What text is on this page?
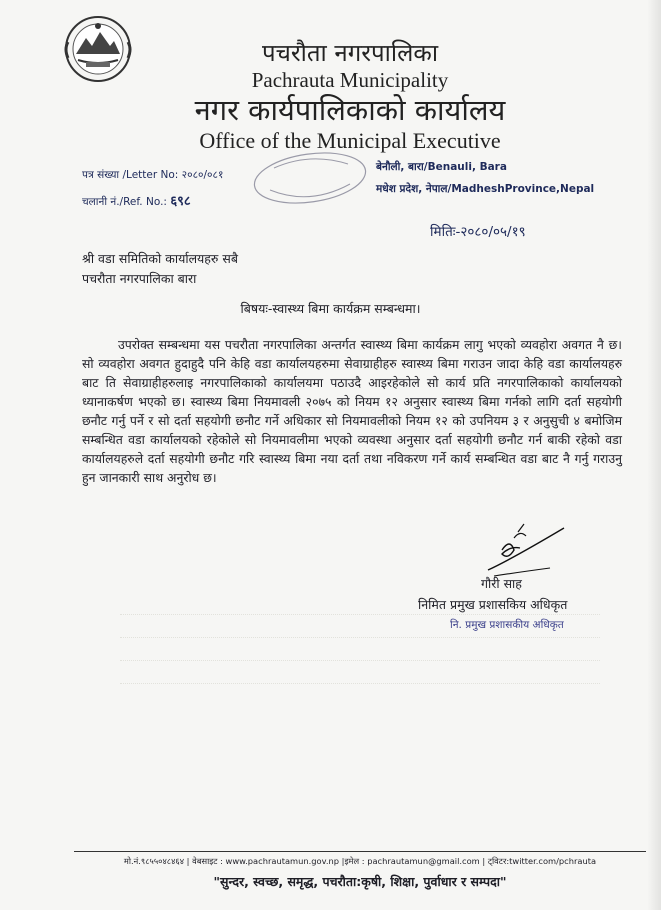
पचरौता नगरपालिका
Pachrauta Municipality
नगर कार्यपालिकाको कार्यालय
Office of the Municipal Executive
पत्र संख्या /Letter No: २०८०/०८१
चलानी नं./Ref. No.: ६९८
बेनौली, बारा/Benauli, Bara
मधेश प्रदेश, नेपाल/MadheshProvince,Nepal
मितिः-२०८०/०५/१९
श्री वडा समितिको कार्यालयहरु सबै
पचरौता नगरपालिका बारा
बिषयः-स्वास्थ्य बिमा कार्यक्रम सम्बन्धमा।
उपरोक्त सम्बन्धमा यस पचरौता नगरपालिका अन्तर्गत स्वास्थ्य बिमा कार्यक्रम लागु भएको व्यवहोरा अवगत नै छ। सो व्यवहोरा अवगत हुदाहुदै पनि केहि वडा कार्यालयहरुमा सेवाग्राहीहरु स्वास्थ्य बिमा गराउन जादा केहि वडा कार्यालयहरु बाट ति सेवाग्राहीहरुलाइ नगरपालिकाको कार्यालयमा पठाउदै आइरहेकोले सो कार्य प्रति नगरपालिकाको कार्यालयको ध्यानाकर्षण भएको छ। स्वास्थ्य बिमा नियमावली २०७५ को नियम १२ अनुसार स्वास्थ्य बिमा गर्नको लागि दर्ता सहयोगी छनौट गर्नु पर्ने र सो दर्ता सहयोगी छनौट गर्ने अधिकार सो नियमावलीको नियम १२ को उपनियम ३ र अनुसुची ४ बमोजिम सम्बन्धित वडा कार्यालयको रहेकोले सो नियमावलीमा भएको व्यवस्था अनुसार दर्ता सहयोगी छनौट गर्न बाकी रहेको वडा कार्यालयहरुले दर्ता सहयोगी छनौट गरि स्वास्थ्य बिमा नया दर्ता तथा नविकरण गर्ने कार्य सम्बन्धित वडा बाट नै गर्नु गराउनु हुन जानकारी साथ अनुरोध छ।
गौरी साह
निमित प्रमुख प्रशासकिय अधिकृत
नि. प्रमुख प्रशासकीय अधिकृत
मो.नं.९८५५०४८४६४ | वेबसाइट : www.pachrautamun.gov.np |इमेल : pachrautamun@gmail.com | ट्विटर:twitter.com/pchrauta
"सुन्दर, स्वच्छ, समृद्ध, पचरौता:कृषी, शिक्षा, पुर्वाधार र सम्पदा"
